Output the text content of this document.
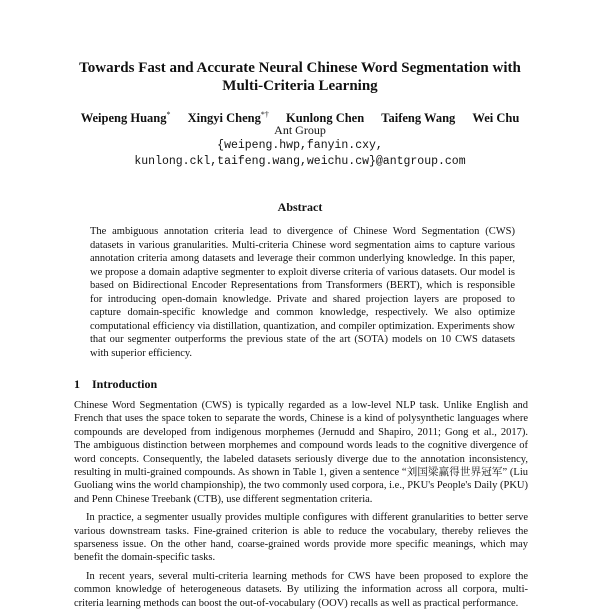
Towards Fast and Accurate Neural Chinese Word Segmentation with
Multi-Criteria Learning
Weipeng Huang* Xingyi Cheng*† Kunlong Chen Taifeng Wang Wei Chu
Ant Group
{weipeng.hwp,fanyin.cxy,
kunlong.ckl,taifeng.wang,weichu.cw}@antgroup.com
Abstract
The ambiguous annotation criteria lead to divergence of Chinese Word Segmentation (CWS) datasets in various granularities. Multi-criteria Chinese word segmentation aims to capture various annotation criteria among datasets and leverage their common underlying knowledge. In this paper, we propose a domain adaptive segmenter to exploit diverse criteria of various datasets. Our model is based on Bidirectional Encoder Representations from Transformers (BERT), which is responsible for introducing open-domain knowledge. Private and shared projection layers are proposed to capture domain-specific knowledge and common knowledge, respectively. We also optimize computational efficiency via distillation, quantization, and compiler optimization. Experiments show that our segmenter outperforms the previous state of the art (SOTA) models on 10 CWS datasets with superior efficiency.
1 Introduction

Chinese Word Segmentation (CWS) is typically regarded as a low-level NLP task. Unlike English and French that uses the space token to separate the words, Chinese is a kind of polysynthetic languages where compounds are developed from indigenous morphemes (Jernudd and Shapiro, 2011; Gong et al., 2017). The ambiguous distinction between morphemes and compound words leads to the cognitive divergence of word concepts. Consequently, the labeled datasets seriously diverge due to the annotation inconsistency, resulting in multi-grained compounds. As shown in Table 1, given a sentence “刘国梁赢得世界冠军” (Liu Guoliang wins the world championship), the two commonly used corpora, i.e., PKU's People's Daily (PKU) and Penn Chinese Treebank (CTB), use different segmentation criteria.

In practice, a segmenter usually provides multiple configures with different granularities to better serve various downstream tasks. Fine-grained criterion is able to reduce the vocabulary, thereby relieves the sparseness issue. On the other hand, coarse-grained words provide more specific meanings, which may benefit the domain-specific tasks.

In recent years, several multi-criteria learning methods for CWS have been proposed to explore the common knowledge of heterogeneous datasets. By utilizing the information across all corpora, multi-criteria learning methods can boost the out-of-vocabulary (OOV) recalls as well as practical performance.
